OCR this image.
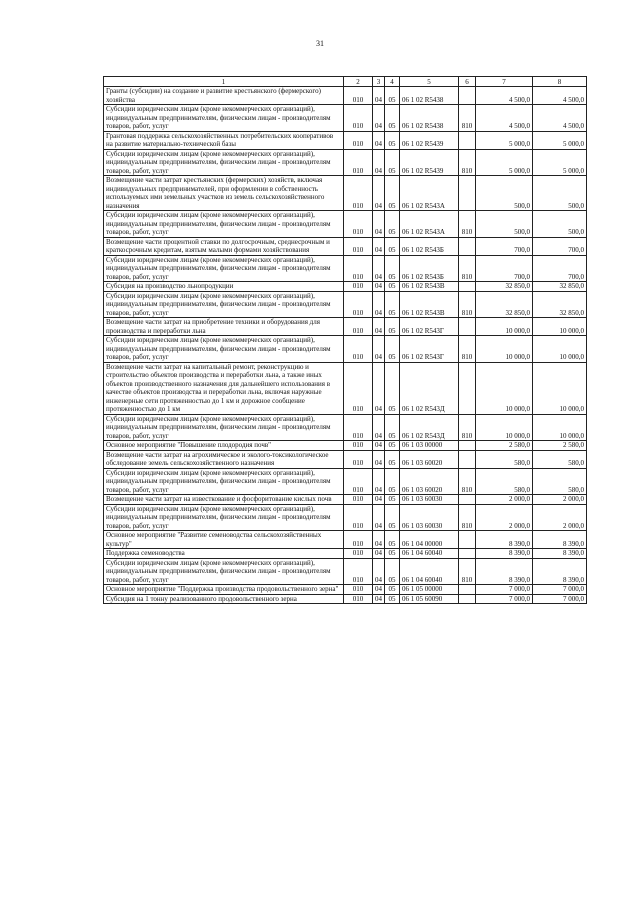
31
1	2	3	4	5	6	7	8
Гранты (субсидии) на создание и развитие крестьянского (фермерского) хозяйства	010	04	05	06 1 02 R5438		4 500,0	4 500,0
Субсидии юридическим лицам (кроме некоммерческих организаций), индивидуальным предпринимателям, физическим лицам - производителям товаров, работ, услуг	010	04	05	06 1 02 R5438	810	4 500,0	4 500,0
Грантовая поддержка сельскохозяйственных потребительских кооперативов на развитие материально-технической базы	010	04	05	06 1 02 R5439		5 000,0	5 000,0
Субсидии юридическим лицам (кроме некоммерческих организаций), индивидуальным предпринимателям, физическим лицам - производителям товаров, работ, услуг	010	04	05	06 1 02 R5439	810	5 000,0	5 000,0
Возмещение части затрат крестьянских (фермерских) хозяйств, включая индивидуальных предпринимателей, при оформлении в собственность используемых ими земельных участков из земель сельскохозяйственного назначения	010	04	05	06 1 02 R543А		500,0	500,0
Субсидии юридическим лицам (кроме некоммерческих организаций), индивидуальным предпринимателям, физическим лицам - производителям товаров, работ, услуг	010	04	05	06 1 02 R543А	810	500,0	500,0
Возмещение части процентной ставки по долгосрочным, среднесрочным и краткосрочным кредитам, взятым малыми формами хозяйствования	010	04	05	06 1 02 R543Б		700,0	700,0
Субсидии юридическим лицам (кроме некоммерческих организаций), индивидуальным предпринимателям, физическим лицам - производителям товаров, работ, услуг	010	04	05	06 1 02 R543Б	810	700,0	700,0
Субсидия на производство льнопродукции	010	04	05	06 1 02 R543В		32 850,0	32 850,0
Субсидии юридическим лицам (кроме некоммерческих организаций), индивидуальным предпринимателям, физическим лицам - производителям товаров, работ, услуг	010	04	05	06 1 02 R543В	810	32 850,0	32 850,0
Возмещение части затрат на приобретение техники и оборудования для производства и переработки льна	010	04	05	06 1 02 R543Г		10 000,0	10 000,0
Субсидии юридическим лицам (кроме некоммерческих организаций), индивидуальным предпринимателям, физическим лицам - производителям товаров, работ, услуг	010	04	05	06 1 02 R543Г	810	10 000,0	10 000,0
Возмещение части затрат на капитальный ремонт, реконструкцию и строительство объектов производства и переработки льна, а также иных объектов производственного назначения для дальнейшего использования в качестве объектов производства и переработки льна, включая наружные инженерные сети протяженностью до 1 км и дорожное сообщение протяженностью до 1 км	010	04	05	06 1 02 R543Д		10 000,0	10 000,0
Субсидии юридическим лицам (кроме некоммерческих организаций), индивидуальным предпринимателям, физическим лицам - производителям товаров, работ, услуг	010	04	05	06 1 02 R543Д	810	10 000,0	10 000,0
Основное мероприятие "Повышение плодородия почв"	010	04	05	06 1 03 00000		2 580,0	2 580,0
Возмещение части затрат на агрохимическое и эколого-токсикологическое обследование земель сельскохозяйственного назначения	010	04	05	06 1 03 60020		580,0	580,0
Субсидии юридическим лицам (кроме некоммерческих организаций), индивидуальным предпринимателям, физическим лицам - производителям товаров, работ, услуг	010	04	05	06 1 03 60020	810	580,0	580,0
Возмещение части затрат на известкование и фосфоритование кислых почв	010	04	05	06 1 03 60030		2 000,0	2 000,0
Субсидии юридическим лицам (кроме некоммерческих организаций), индивидуальным предпринимателям, физическим лицам - производителям товаров, работ, услуг	010	04	05	06 1 03 60030	810	2 000,0	2 000,0
Основное мероприятие "Развитие семеноводства сельскохозяйственных культур"	010	04	05	06 1 04 00000		8 390,0	8 390,0
Поддержка семеноводства	010	04	05	06 1 04 60040		8 390,0	8 390,0
Субсидии юридическим лицам (кроме некоммерческих организаций), индивидуальным предпринимателям, физическим лицам - производителям товаров, работ, услуг	010	04	05	06 1 04 60040	810	8 390,0	8 390,0
Основное мероприятие "Поддержка производства продовольственного зерна"	010	04	05	06 1 05 00000		7 000,0	7 000,0
Субсидия на 1 тонну реализованного продовольственного зерна	010	04	05	06 1 05 60090		7 000,0	7 000,0
